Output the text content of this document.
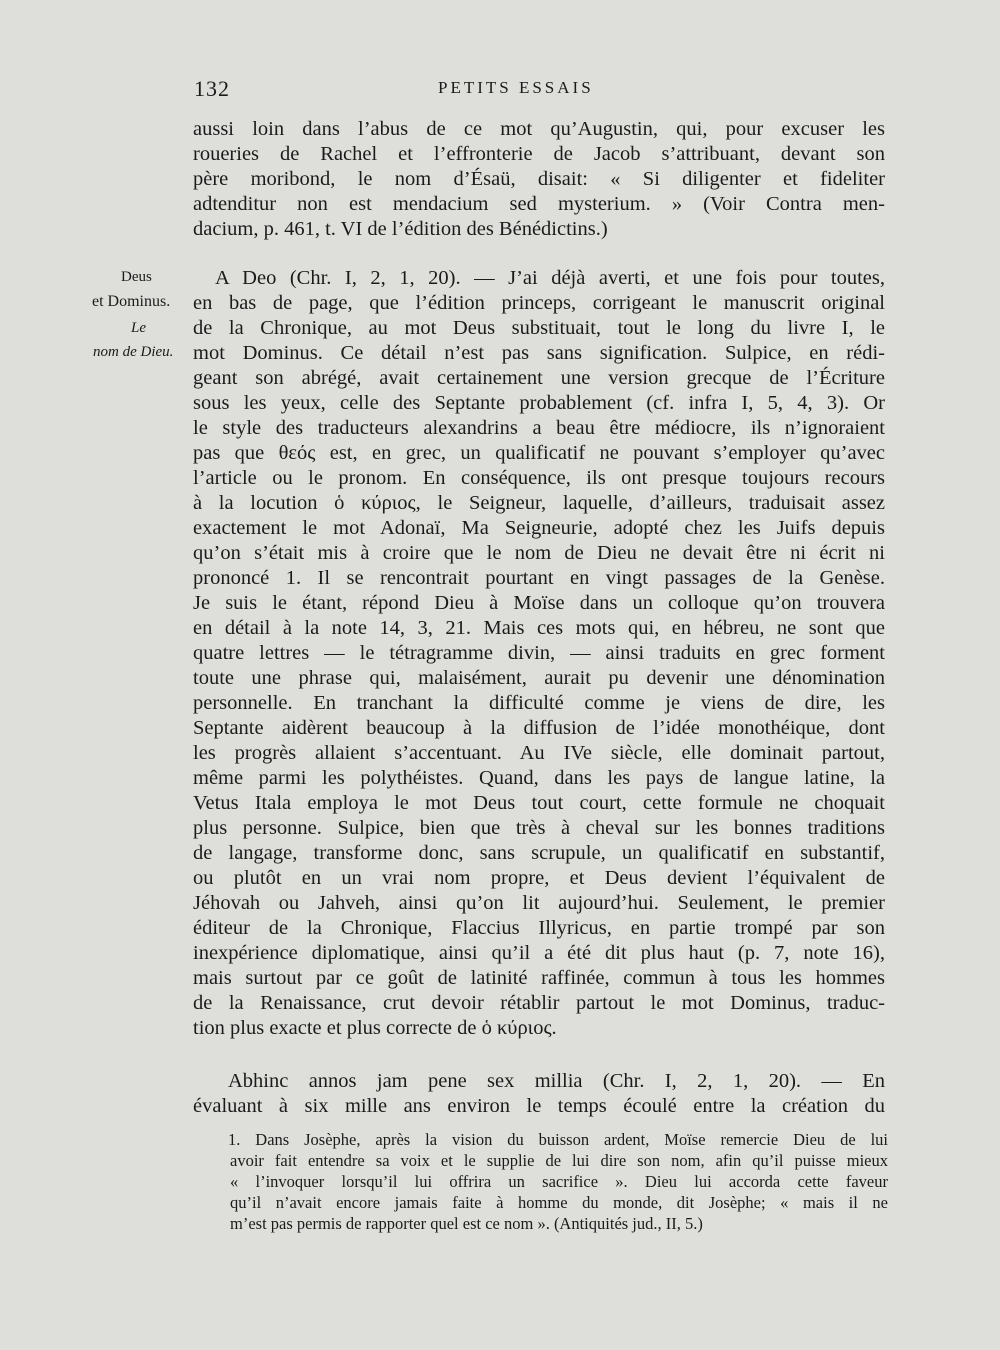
132	PETITS ESSAIS
Deus
et Dominus.
Le
nom de Dieu.
aussi loin dans l’abus de ce mot qu’Augustin, qui, pour excuser les
roueries de Rachel et l’effronterie de Jacob s’attribuant, devant son
père moribond, le nom d’Ésaü, disait: « Si diligenter et fideliter
adtenditur non est mendacium sed mysterium. » (Voir Contra men-
dacium, p. 461, t. VI de l’édition des Bénédictins.)
A Deo (Chr. I, 2, 1, 20). — J’ai déjà averti, et une fois pour toutes,
en bas de page, que l’édition princeps, corrigeant le manuscrit original
de la Chronique, au mot Deus substituait, tout le long du livre I, le
mot Dominus. Ce détail n’est pas sans signification. Sulpice, en rédi-
geant son abrégé, avait certainement une version grecque de l’Écriture
sous les yeux, celle des Septante probablement (cf. infra I, 5, 4, 3). Or
le style des traducteurs alexandrins a beau être médiocre, ils n’ignoraient
pas que θεός est, en grec, un qualificatif ne pouvant s’employer qu’avec
l’article ou le pronom. En conséquence, ils ont presque toujours recours
à la locution ὁ κύριος, le Seigneur, laquelle, d’ailleurs, traduisait assez
exactement le mot Adonaï, Ma Seigneurie, adopté chez les Juifs depuis
qu’on s’était mis à croire que le nom de Dieu ne devait être ni écrit ni
prononcé 1. Il se rencontrait pourtant en vingt passages de la Genèse.
Je suis le étant, répond Dieu à Moïse dans un colloque qu’on trouvera
en détail à la note 14, 3, 21. Mais ces mots qui, en hébreu, ne sont que
quatre lettres — le tétragramme divin, — ainsi traduits en grec forment
toute une phrase qui, malaisément, aurait pu devenir une dénomination
personnelle. En tranchant la difficulté comme je viens de dire, les
Septante aidèrent beaucoup à la diffusion de l’idée monothéique, dont
les progrès allaient s’accentuant. Au IVe siècle, elle dominait partout,
même parmi les polythéistes. Quand, dans les pays de langue latine, la
Vetus Itala employa le mot Deus tout court, cette formule ne choquait
plus personne. Sulpice, bien que très à cheval sur les bonnes traditions
de langage, transforme donc, sans scrupule, un qualificatif en substantif,
ou plutôt en un vrai nom propre, et Deus devient l’équivalent de
Jéhovah ou Jahveh, ainsi qu’on lit aujourd’hui. Seulement, le premier
éditeur de la Chronique, Flaccius Illyricus, en partie trompé par son
inexpérience diplomatique, ainsi qu’il a été dit plus haut (p. 7, note 16),
mais surtout par ce goût de latinité raffinée, commun à tous les hommes
de la Renaissance, crut devoir rétablir partout le mot Dominus, traduc-
tion plus exacte et plus correcte de ὁ κύριος.
Abhinc annos jam pene sex millia (Chr. I, 2, 1, 20). — En
évaluant à six mille ans environ le temps écoulé entre la création du
1. Dans Josèphe, après la vision du buisson ardent, Moïse remercie Dieu de lui
avoir fait entendre sa voix et le supplie de lui dire son nom, afin qu’il puisse mieux
« l’invoquer lorsqu’il lui offrira un sacrifice ». Dieu lui accorda cette faveur
qu’il n’avait encore jamais faite à homme du monde, dit Josèphe; « mais il ne
m’est pas permis de rapporter quel est ce nom ». (Antiquités jud., II, 5.)
